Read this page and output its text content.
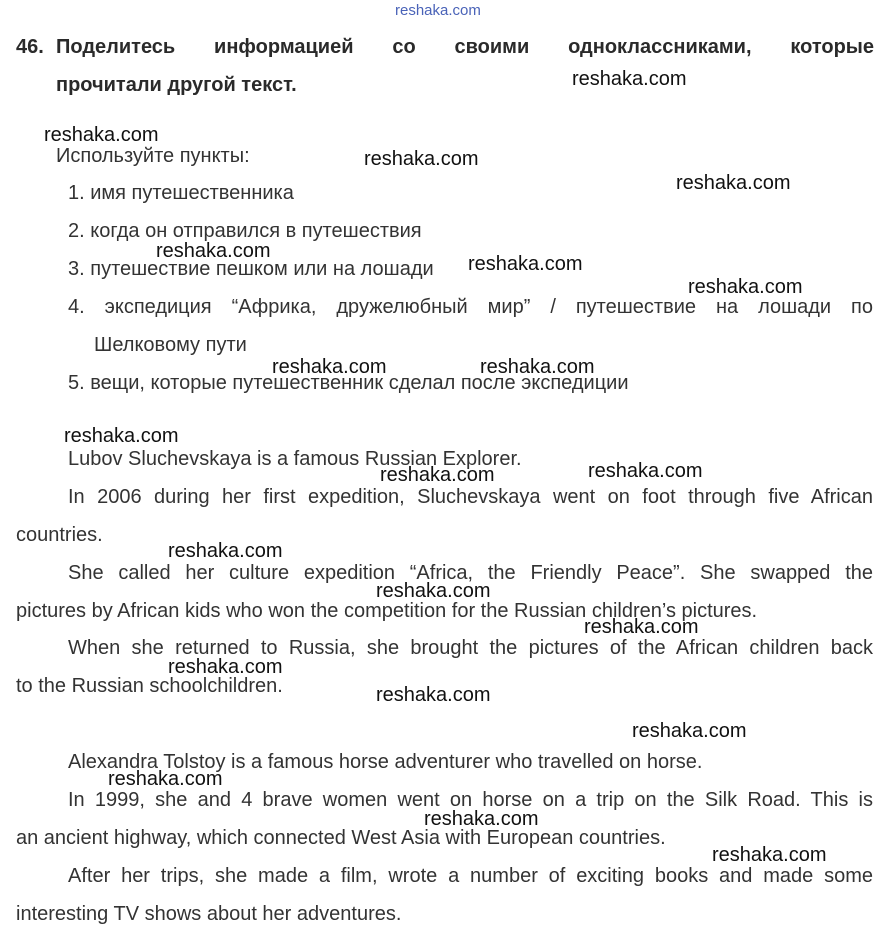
reshaka.com
46. Поделитесь информацией со своими одноклассниками, которые
прочитали другой текст.
Используйте пункты:
1. имя путешественника
2. когда он отправился в путешествия
3. путешествие пешком или на лошади
4. экспедиция “Африка, дружелюбный мир” / путешествие на лошади по
Шелковому пути
5. вещи, которые путешественник сделал после экспедиции
Lubov Sluchevskaya is a famous Russian Explorer.
In 2006 during her first expedition, Sluchevskaya went on foot through five African
countries.
She called her culture expedition “Africa, the Friendly Peace”. She swapped the
pictures by African kids who won the competition for the Russian children’s pictures.
When she returned to Russia, she brought the pictures of the African children back
to the Russian schoolchildren.
Alexandra Tolstoy is a famous horse adventurer who travelled on horse.
In 1999, she and 4 brave women went on horse on a trip on the Silk Road. This is
an ancient highway, which connected West Asia with European countries.
After her trips, she made a film, wrote a number of exciting books and made some
interesting TV shows about her adventures.
reshaka.com
reshaka.com
reshaka.com
reshaka.com
reshaka.com
reshaka.com
reshaka.com
reshaka.com	reshaka.com
reshaka.com
reshaka.com	reshaka.com
reshaka.com
reshaka.com
reshaka.com
reshaka.com
reshaka.com
reshaka.com
reshaka.com
reshaka.com
reshaka.com
